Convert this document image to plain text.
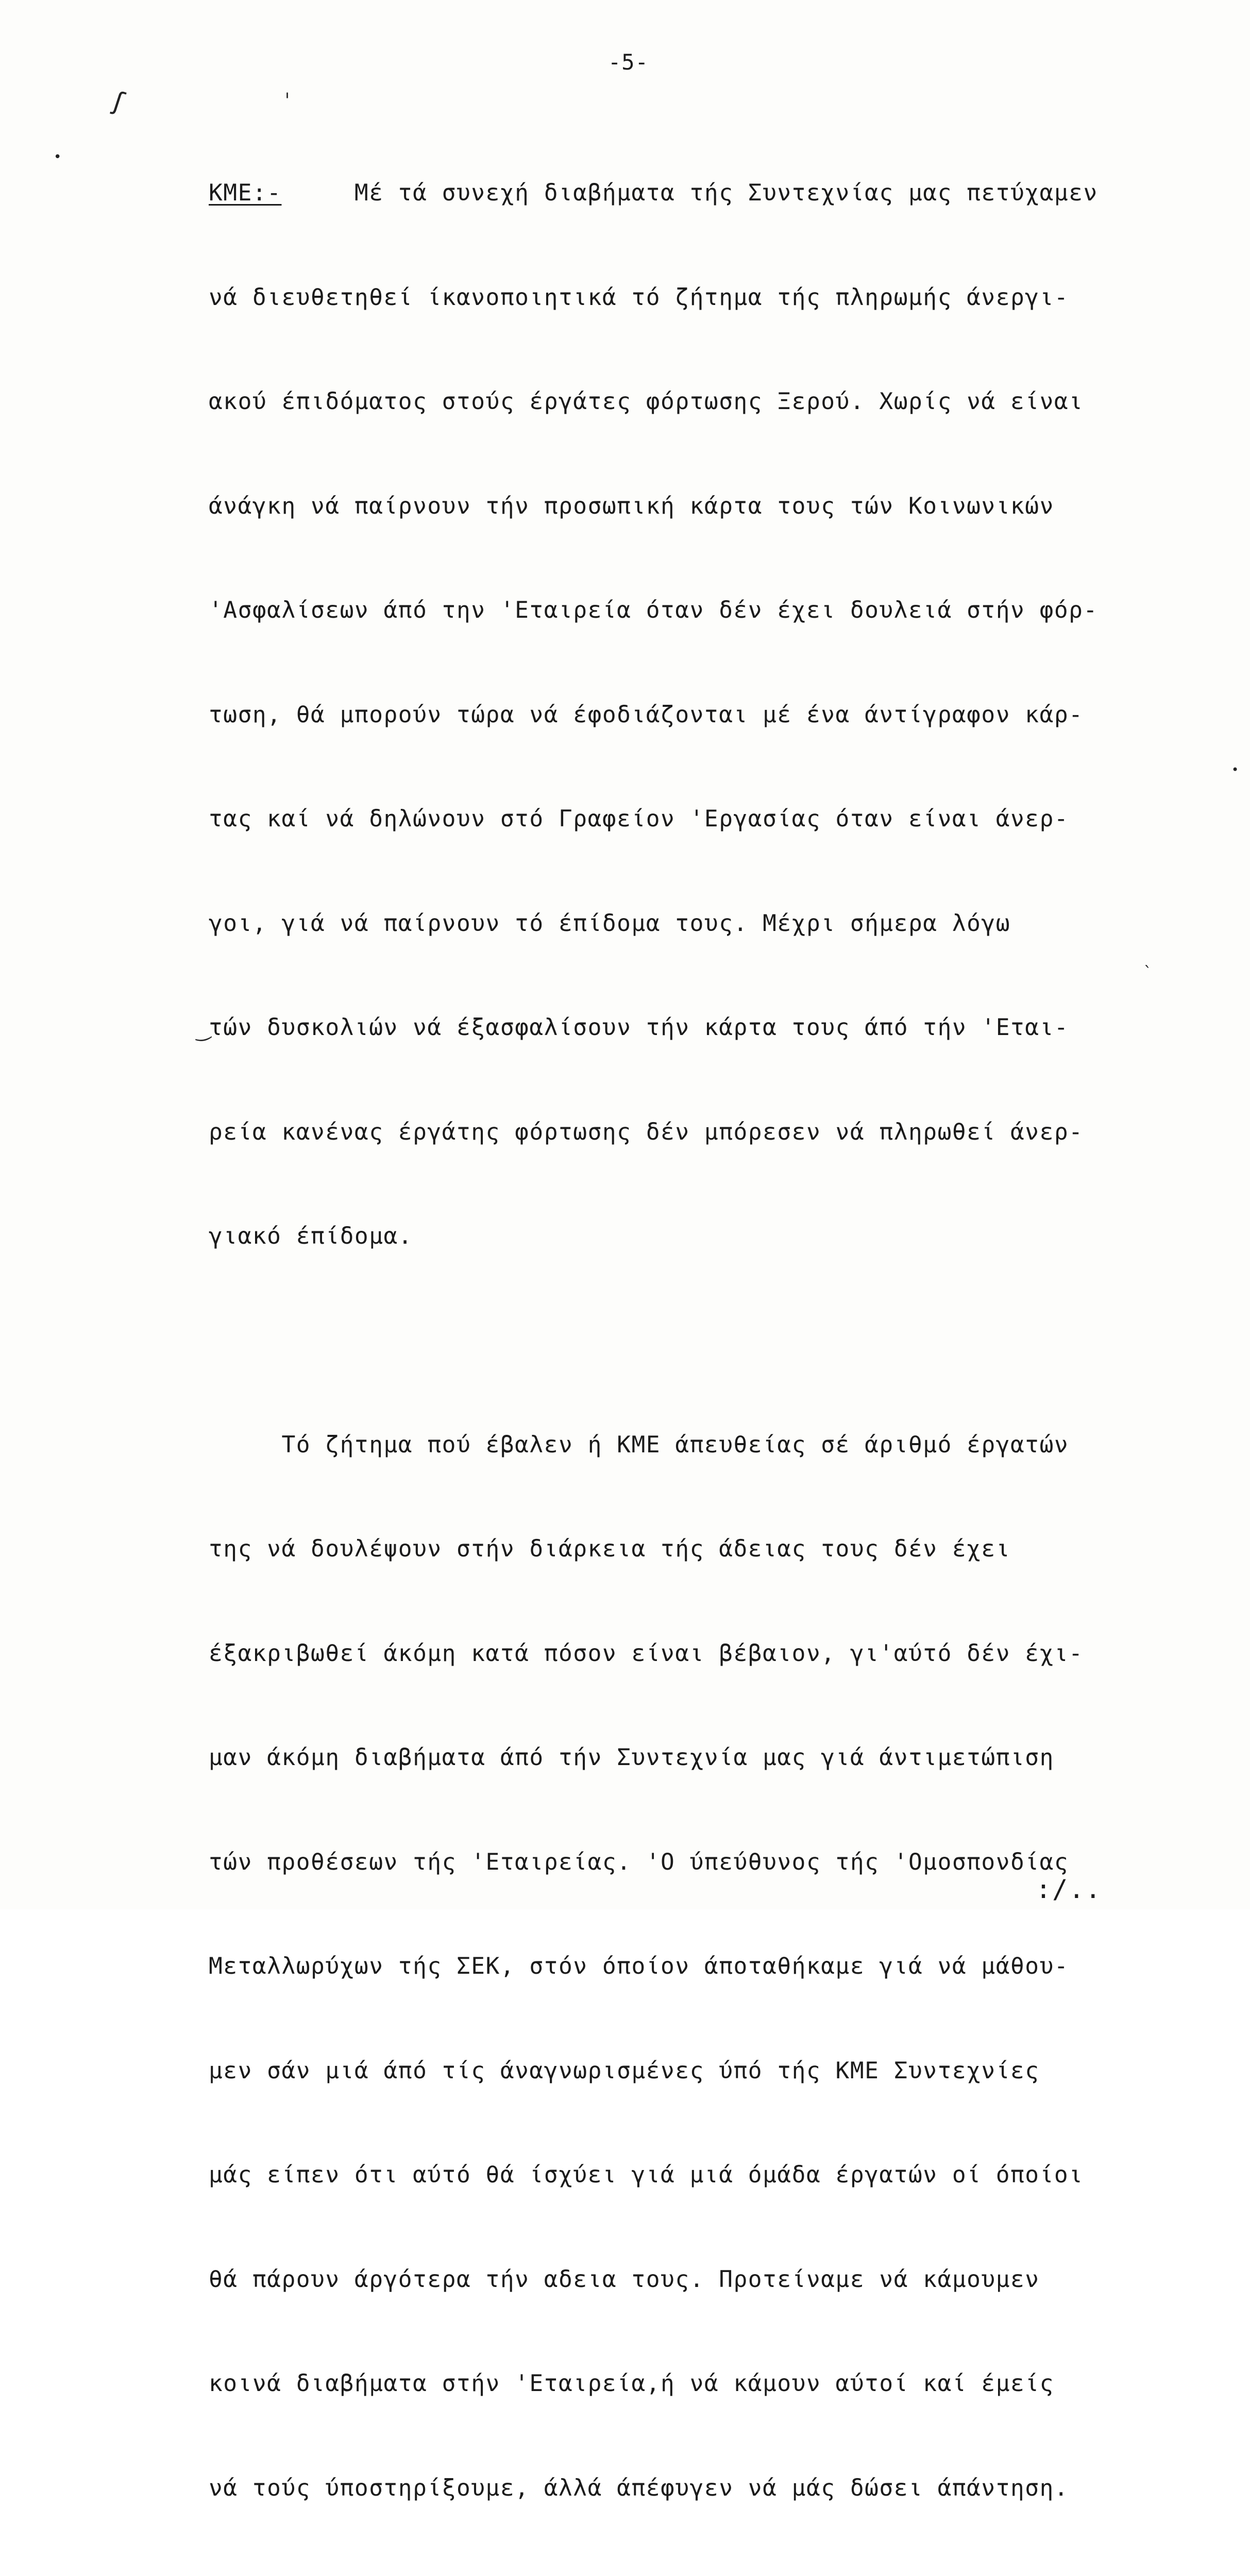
-5-
ʃ	ˈ
•
•
ˋ
‿

ΚΜΕ:-     Μέ τά συνεχή διαβήματα τής Συντεχνίας μας πετύχαμεν

νά διευθετηθεί ίκανοποιητικά τό ζήτημα τής πληρωμής άνεργι-

ακού έπιδόματος στούς έργάτες φόρτωσης Ξερού. Χωρίς νά είναι

άνάγκη νά παίρνουν τήν προσωπική κάρτα τους τών Κοινωνικών

'Ασφαλίσεων άπό την 'Εταιρεία όταν δέν έχει δουλειά στήν φόρ-

τωση, θά μπορούν τώρα νά έφοδιάζονται μέ ένα άντίγραφον κάρ-

τας καί νά δηλώνουν στό Γραφείον 'Εργασίας όταν είναι άνερ-

γοι, γιά νά παίρνουν τό έπίδομα τους. Μέχρι σήμερα λόγω

τών δυσκολιών νά έξασφαλίσουν τήν κάρτα τους άπό τήν 'Εται-

ρεία κανένας έργάτης φόρτωσης δέν μπόρεσεν νά πληρωθεί άνερ-

γιακό έπίδομα.

Τό ζήτημα πού έβαλεν ή ΚΜΕ άπευθείας σέ άριθμό έργατών

της νά δουλέψουν στήν διάρκεια τής άδειας τους δέν έχει

έξακριβωθεί άκόμη κατά πόσον είναι βέβαιον, γι'αύτό δέν έχι-

μαν άκόμη διαβήματα άπό τήν Συντεχνία μας γιά άντιμετώπιση

τών προθέσεων τής 'Εταιρείας. 'Ο ύπεύθυνος τής 'Ομοσπονδίας

Μεταλλωρύχων τής ΣΕΚ, στόν όποίον άποταθήκαμε γιά νά μάθου-

μεν σάν μιά άπό τίς άναγνωρισμένες ύπό τής ΚΜΕ Συντεχνίες

μάς είπεν ότι αύτό θά ίσχύει γιά μιά όμάδα έργατών οί όποίοι

θά πάρουν άργότερα τήν αδεια τους. Προτείναμε νά κάμουμεν

κοινά διαβήματα στήν 'Εταιρεία,ή νά κάμουν αύτοί καί έμείς

νά τούς ύποστηρίξουμε, άλλά άπέφυγεν νά μάς δώσει άπάντηση.

:/..
